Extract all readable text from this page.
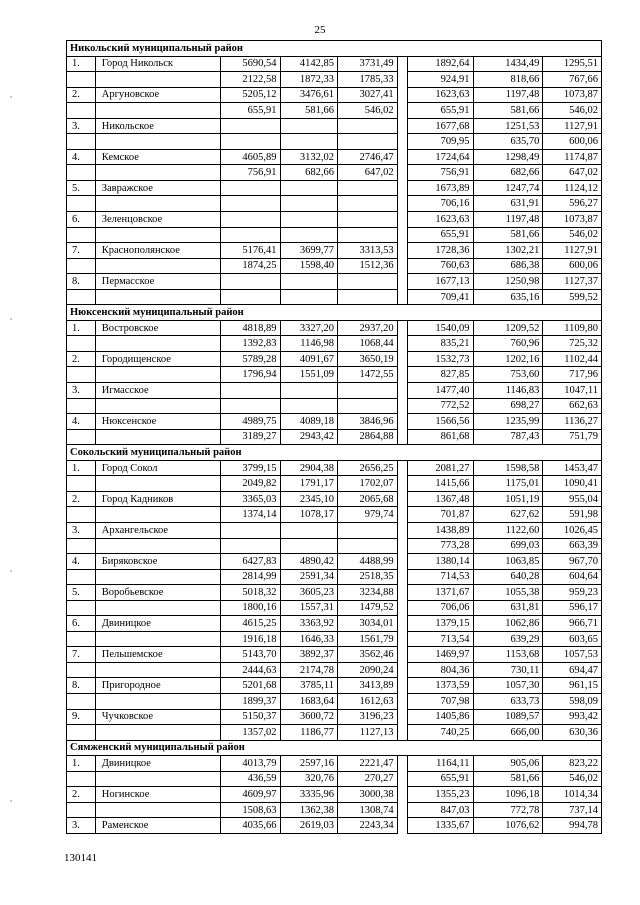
25
Никольский муниципальный район								
1.	Город Никольск	5690,54	4142,85	3731,49		1892,64	1434,49	1295,51
		2122,58	1872,33	1785,33		924,91	818,66	767,66
2.	Аргуновское	5205,12	3476,61	3027,41		1623,63	1197,48	1073,87
		655,91	581,66	546,02		655,91	581,66	546,02
3.	Никольское					1677,68	1251,53	1127,91
						709,95	635,70	600,06
4.	Кемское	4605,89	3132,02	2746,47		1724,64	1298,49	1174,87
		756,91	682,66	647,02		756,91	682,66	647,02
5.	Завражское					1673,89	1247,74	1124,12
						706,16	631,91	596,27
6.	Зеленцовское					1623,63	1197,48	1073,87
						655,91	581,66	546,02
7.	Краснополянское	5176,41	3699,77	3313,53		1728,36	1302,21	1127,91
		1874,25	1598,40	1512,36		760,63	686,38	600,06
8.	Пермасское					1677,13	1250,98	1127,37
						709,41	635,16	599,52
Нюксенский муниципальный район								
1.	Востровское	4818,89	3327,20	2937,20		1540,09	1209,52	1109,80
		1392,83	1146,98	1068,44		835,21	760,96	725,32
2.	Городищенское	5789,28	4091,67	3650,19		1532,73	1202,16	1102,44
		1796,94	1551,09	1472,55		827,85	753,60	717,96
3.	Игмасское					1477,40	1146,83	1047,11
						772,52	698,27	662,63
4.	Нюксенское	4989,75	4089,18	3846,96		1566,56	1235,99	1136,27
		3189,27	2943,42	2864,88		861,68	787,43	751,79
Сокольский муниципальный район								
1.	Город Сокол	3799,15	2904,38	2656,25		2081,27	1598,58	1453,47
		2049,82	1791,17	1702,07		1415,66	1175,01	1090,41
2.	Город Кадников	3365,03	2345,10	2065,68		1367,48	1051,19	955,04
		1374,14	1078,17	979,74		701,87	627,62	591,98
3.	Архангельское					1438,89	1122,60	1026,45
						773,28	699,03	663,39
4.	Биряковское	6427,83	4890,42	4488,99		1380,14	1063,85	967,70
		2814,99	2591,34	2518,35		714,53	640,28	604,64
5.	Воробьевское	5018,32	3605,23	3234,88		1371,67	1055,38	959,23
		1800,16	1557,31	1479,52		706,06	631,81	596,17
6.	Двиницкое	4615,25	3363,92	3034,01		1379,15	1062,86	966,71
		1916,18	1646,33	1561,79		713,54	639,29	603,65
7.	Пельшемское	5143,70	3892,37	3562,46		1469,97	1153,68	1057,53
		2444,63	2174,78	2090,24		804,36	730,11	694,47
8.	Пригородное	5201,68	3785,11	3413,89		1373,59	1057,30	961,15
		1899,37	1683,64	1612,63		707,98	633,73	598,09
9.	Чучковское	5150,37	3600,72	3196,23		1405,86	1089,57	993,42
		1357,02	1186,77	1127,13		740,25	666,00	630,36
Сямженский муниципальный район								
1.	Двиницкое	4013,79	2597,16	2221,47		1164,11	905,06	823,22
		436,59	320,76	270,27		655,91	581,66	546,02
2.	Ногинское	4609,97	3335,96	3000,38		1355,23	1096,18	1014,34
		1508,63	1362,38	1308,74		847,03	772,78	737,14
3.	Раменское	4035,66	2619,03	2243,34		1335,67	1076,62	994,78
130141
